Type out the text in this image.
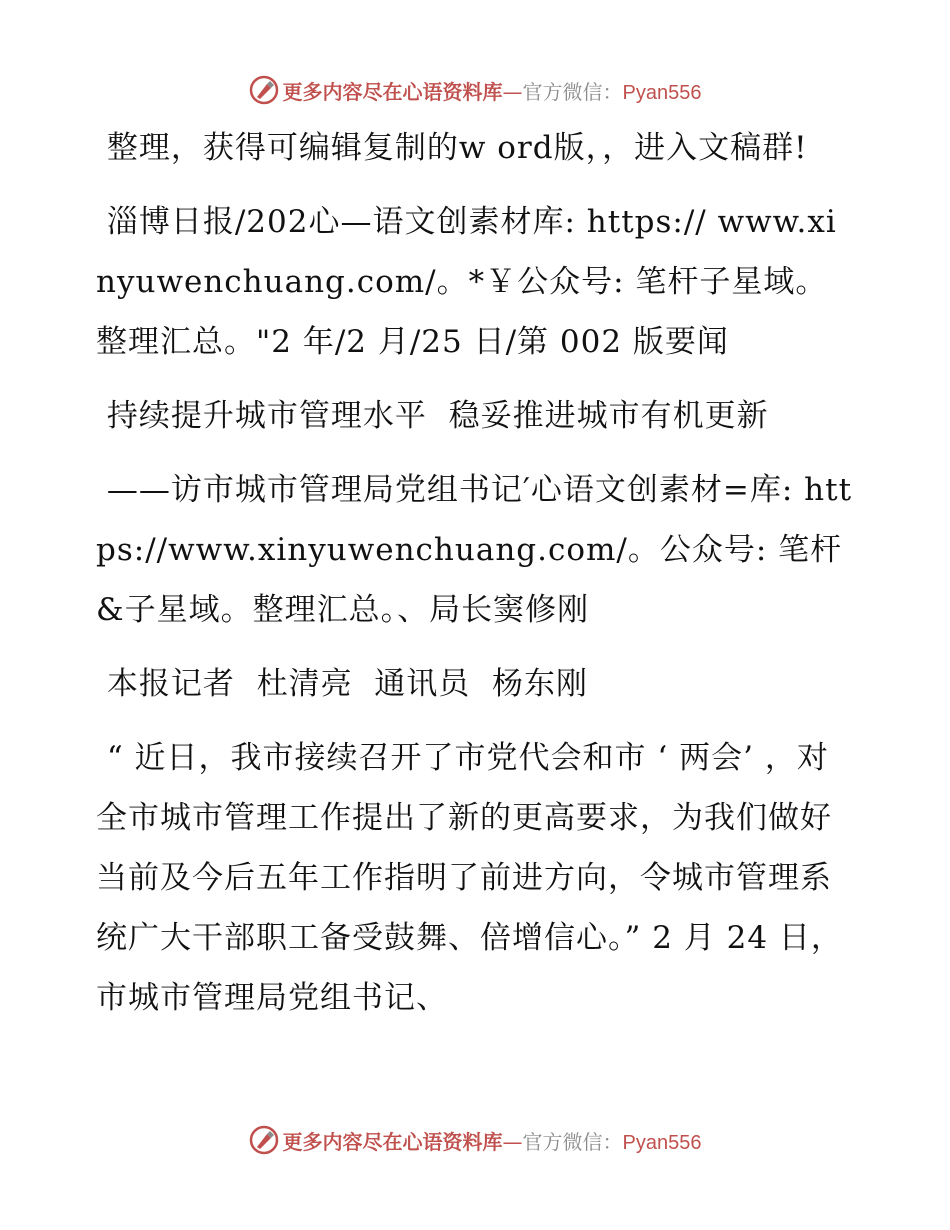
更多内容尽在心语资料库—官方微信：Pyan556

整理，获得可编辑复制的w ord版，，进入文稿群!

淄博日报/202心—语文创素材库: https:// www.xinyuwenchuang.com/。*￥公众号: 笔杆子星域。整理汇总。"2 年/2 月/25 日/第 002 版要闻

持续提升城市管理水平  稳妥推进城市有机更新

——访市城市管理局党组书记′心语文创素材=库: https://www.xinyuwenchuang.com/。公众号: 笔杆&子星域。整理汇总。、局长窦修刚

本报记者  杜清亮  通讯员  杨东刚

“ 近日，我市接续召开了市党代会和市 ‘ 两会’ ，对全市城市管理工作提出了新的更高要求，为我们做好当前及今后五年工作指明了前进方向，令城市管理系统广大干部职工备受鼓舞、倍增信心。” 2 月 24 日，市城市管理局党组书记、

更多内容尽在心语资料库—官方微信：Pyan556
